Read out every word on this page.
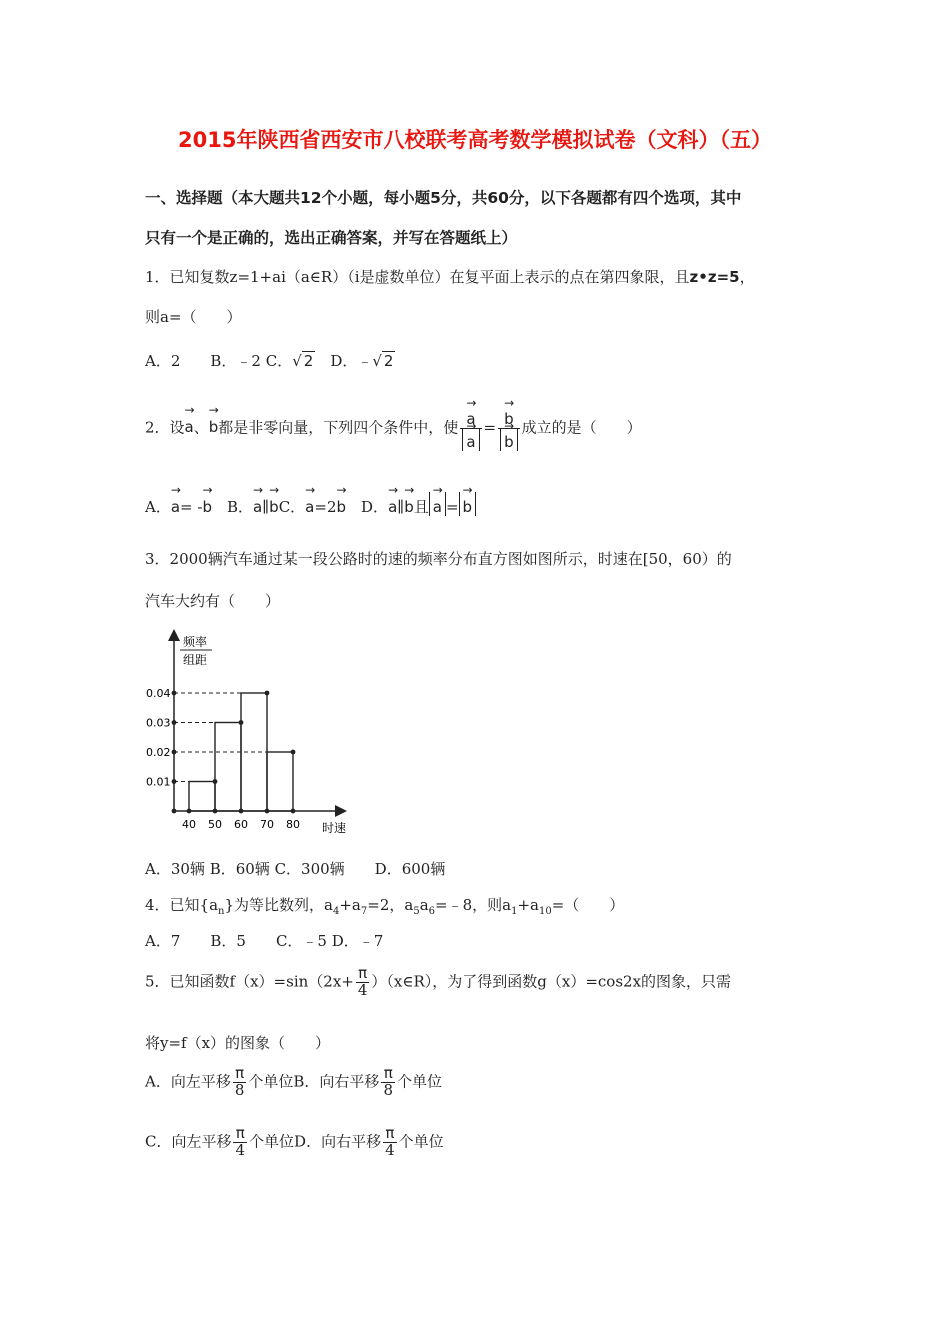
2015年陕西省西安市八校联考高考数学模拟试卷（文科）（五）
一、选择题（本大题共12个小题，每小题5分，共60分，以下各题都有四个选项，其中
只有一个是正确的，选出正确答案，并写在答题纸上）
1．已知复数z=1+ai（a∈R）（i是虚数单位）在复平面上表示的点在第四象限，且z•z=5，
则a=（　　）
A．2　　B．﹣2 C．√ 2　D．﹣√ 2
2．设→ a、→ b都是非零向量，下列四个条件中，使 → a
→ a = → b
→ b 成立的是（　　）
A．→ a= -→ b　B．→ a∥→ bC．→ a=2→ b　D．→ a∥→ b且 → a = → b
3．2000辆汽车通过某一段公路时的速的频率分布直方图如图所示，时速在[50，60）的
汽车大约有（　　）
频率
组距
时速
0.01
0.02
0.03
0.04
40 50 60 70 80
A．30辆 B．60辆 C．300辆　　D．600辆
4．已知$\{a_n\}$为等比数列，$a_4+a_7=2$，$a_5a_6=﹣8$，则$a_1+a_{10}=$（　　）
A．7　　B．5　　C．﹣5 D．﹣7
5．已知函数$f(x)=\sin(2x+ \frac{\pi}{4}$ ）（x∈R），为了得到函数g（x）=cos2x的图象，只需
将y=f（x）的图象（　　）
A．向左平移 $\frac{\pi}{8}$ 个单位B．向右平移 $\frac{\pi}{8}$ 个单位
C．向左平移 $\frac{\pi}{4}$ 个单位D．向右平移 $\frac{\pi}{4}$ 个单位
